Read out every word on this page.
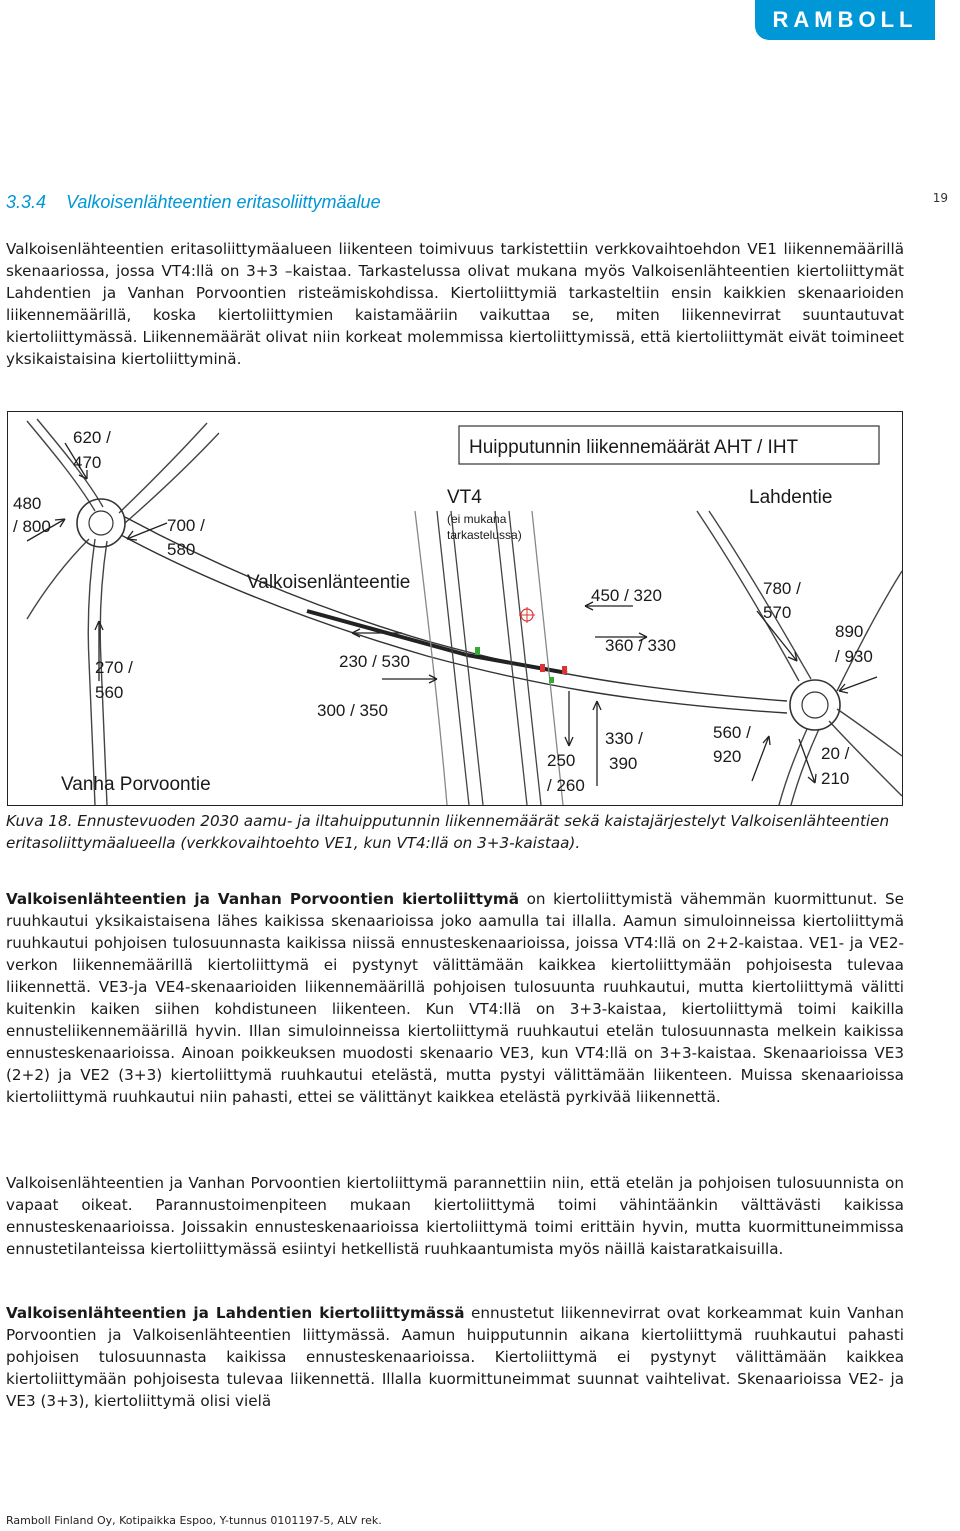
RAMBOLL
3.3.4 Valkoisenlähteentien eritasoliittymäalue	19

Valkoisenlähteentien eritasoliittymäalueen liikenteen toimivuus tarkistettiin verkkovaihtoehdon VE1 liikennemäärillä skenaariossa, jossa VT4:llä on 3+3 –kaistaa. Tarkastelussa olivat mukana myös Valkoisenlähteentien kiertoliittymät Lahdentien ja Vanhan Porvoontien risteämiskohdissa. Kiertoliittymiä tarkasteltiin ensin kaikkien skenaarioiden liikennemäärillä, koska kiertoliittymien kaistamääriin vaikuttaa se, miten liikennevirrat suuntautuvat kiertoliittymässä. Liikennemäärät olivat niin korkeat molemmissa kiertoliittymissä, että kiertoliittymät eivät toimineet yksikaistaisina kiertoliittyminä.

Huipputunnin liikennemäärät AHT / IHT
VT4
(ei mukana
tarkastelussa)
Lahdentie
Valkoisenlänteentie
Vanha Porvoontie
620 /
470
480
/ 800	700 /
580
270 /
560
230 / 530
300 / 350
450 / 320
360 / 330
780 /
570
890
/ 930
330 /
390
250
/ 260
560 /
920	20 /
210

Kuva 18. Ennustevuoden 2030 aamu- ja iltahuipputunnin liikennemäärät sekä kaistajärjestelyt Valkoisenlähteentien eritasoliittymäalueella (verkkovaihtoehto VE1, kun VT4:llä on 3+3-kaistaa).

Valkoisenlähteentien ja Vanhan Porvoontien kiertoliittymä on kiertoliittymistä vähemmän kuormittunut. Se ruuhkautui yksikaistaisena lähes kaikissa skenaarioissa joko aamulla tai illalla. Aamun simuloinneissa kiertoliittymä ruuhkautui pohjoisen tulosuunnasta kaikissa niissä ennusteskenaarioissa, joissa VT4:llä on 2+2-kaistaa. VE1- ja VE2-verkon liikennemäärillä kiertoliittymä ei pystynyt välittämään kaikkea kiertoliittymään pohjoisesta tulevaa liikennettä. VE3-ja VE4-skenaarioiden liikennemäärillä pohjoisen tulosuunta ruuhkautui, mutta kiertoliittymä välitti kuitenkin kaiken siihen kohdistuneen liikenteen. Kun VT4:llä on 3+3-kaistaa, kiertoliittymä toimi kaikilla ennusteliikennemäärillä hyvin. Illan simuloinneissa kiertoliittymä ruuhkautui etelän tulosuunnasta melkein kaikissa ennusteskenaarioissa. Ainoan poikkeuksen muodosti skenaario VE3, kun VT4:llä on 3+3-kaistaa. Skenaarioissa VE3 (2+2) ja VE2 (3+3) kiertoliittymä ruuhkautui etelästä, mutta pystyi välittämään liikenteen. Muissa skenaarioissa kiertoliittymä ruuhkautui niin pahasti, ettei se välittänyt kaikkea etelästä pyrkivää liikennettä.

Valkoisenlähteentien ja Vanhan Porvoontien kiertoliittymä parannettiin niin, että etelän ja pohjoisen tulosuunnista on vapaat oikeat. Parannustoimenpiteen mukaan kiertoliittymä toimi vähintäänkin välttävästi kaikissa ennusteskenaarioissa. Joissakin ennusteskenaarioissa kiertoliittymä toimi erittäin hyvin, mutta kuormittuneimmissa ennustetilanteissa kiertoliittymässä esiintyi hetkellistä ruuhkaantumista myös näillä kaistaratkaisuilla.

Valkoisenlähteentien ja Lahdentien kiertoliittymässä ennustetut liikennevirrat ovat korkeammat kuin Vanhan Porvoontien ja Valkoisenlähteentien liittymässä. Aamun huipputunnin aikana kiertoliittymä ruuhkautui pahasti pohjoisen tulosuunnasta kaikissa ennusteskenaarioissa. Kiertoliittymä ei pystynyt välittämään kaikkea kiertoliittymään pohjoisesta tulevaa liikennettä. Illalla kuormittuneimmat suunnat vaihtelivat. Skenaarioissa VE2- ja VE3 (3+3), kiertoliittymä olisi vielä

Ramboll Finland Oy, Kotipaikka Espoo, Y-tunnus 0101197-5, ALV rek.
